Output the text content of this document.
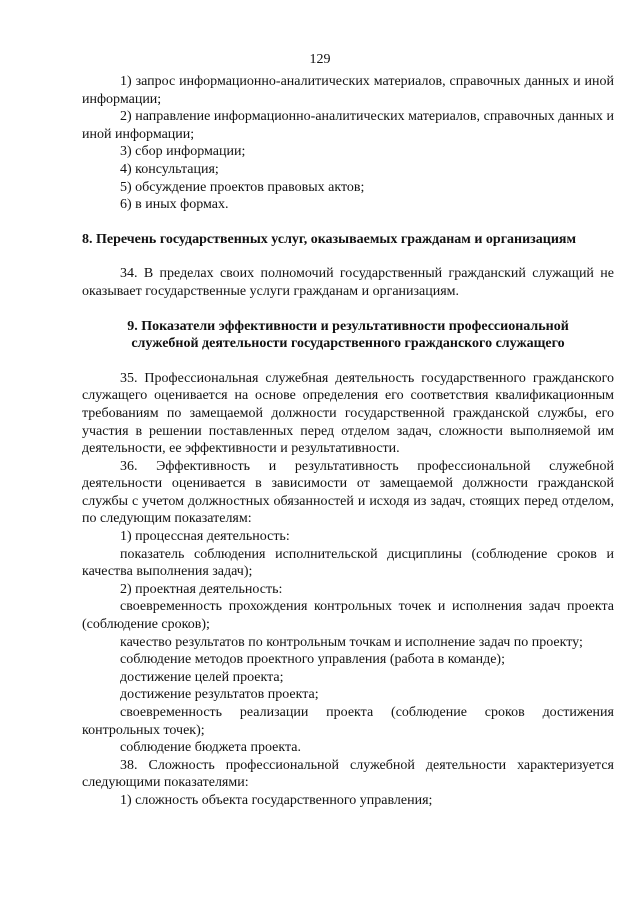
129

1) запрос информационно-аналитических материалов, справочных данных и иной информации;

2) направление информационно-аналитических материалов, справочных данных и иной информации;

3) сбор информации;

4) консультация;

5) обсуждение проектов правовых актов;

6) в иных формах.

8. Перечень государственных услуг, оказываемых гражданам и организациям

34. В пределах своих полномочий государственный гражданский служащий не оказывает государственные услуги гражданам и организациям.

9. Показатели эффективности и результативности профессиональной

служебной деятельности государственного гражданского служащего

35. Профессиональная служебная деятельность государственного гражданского служащего оценивается на основе определения его соответствия квалификационным требованиям по замещаемой должности государственной гражданской службы, его участия в решении поставленных перед отделом задач, сложности выполняемой им деятельности, ее эффективности и результативности.

36. Эффективность и результативность профессиональной служебной деятельности оценивается в зависимости от замещаемой должности гражданской службы с учетом должностных обязанностей и исходя из задач, стоящих перед отделом, по следующим показателям:

1) процессная деятельность:

показатель соблюдения исполнительской дисциплины (соблюдение сроков и качества выполнения задач);

2) проектная деятельность:

своевременность прохождения контрольных точек и исполнения задач проекта (соблюдение сроков);

качество результатов по контрольным точкам и исполнение задач по проекту;

соблюдение методов проектного управления (работа в команде);

достижение целей проекта;

достижение результатов проекта;

своевременность реализации проекта (соблюдение сроков достижения контрольных точек);

соблюдение бюджета проекта.

38. Сложность профессиональной служебной деятельности характеризуется следующими показателями:

1) сложность объекта государственного управления;
